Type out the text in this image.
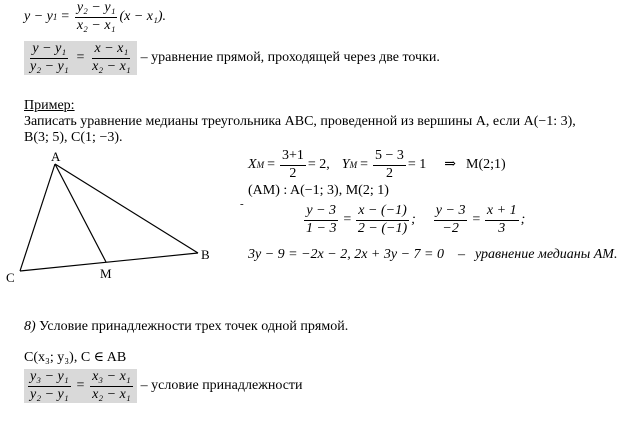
y − y $1 = \frac{\text{y₂ − y₁}}{\text{x₂ − x₁}} (x - x_1)$.
$\frac{\text{y − y₁}}{\text{y₂ − y₁}} = \frac{\text{x − x₁}}{\text{x₂ − x₁}}$ – уравнение прямой, проходящей через две точки.
Пример:
Записать уравнение медианы треугольника ABC, проведенной из вершины A, если A(−1: 3),
B(3; 5), C(1; −3).
A
B
C	M
X $M = \frac{3+1}{2} = 2$, Y $M = \frac{5 - 3}{2} = 1$ ⇒ M(2;1)
(AM) : A(−1; 3), M(2; 1)
-	$\frac{y - 3}{1 - 3} = \frac{x - (-1)}{2 - (-1)}$ ; $\frac{y - 3}{-2} = \frac{x + 1}{3}$ ;
3y − 9 = −2x − 2, 2x + 3y − 7 = 0 – уравнение медианы AM.
8) Условие принадлежности трех точек одной прямой.
C(x₃; y₃), C ∈ AB
$\frac{\text{y₃ − y₁}}{\text{y₂ − y₁}} = \frac{\text{x₃ − x₁}}{\text{x₂ − x₁}}$ – условие принадлежности
